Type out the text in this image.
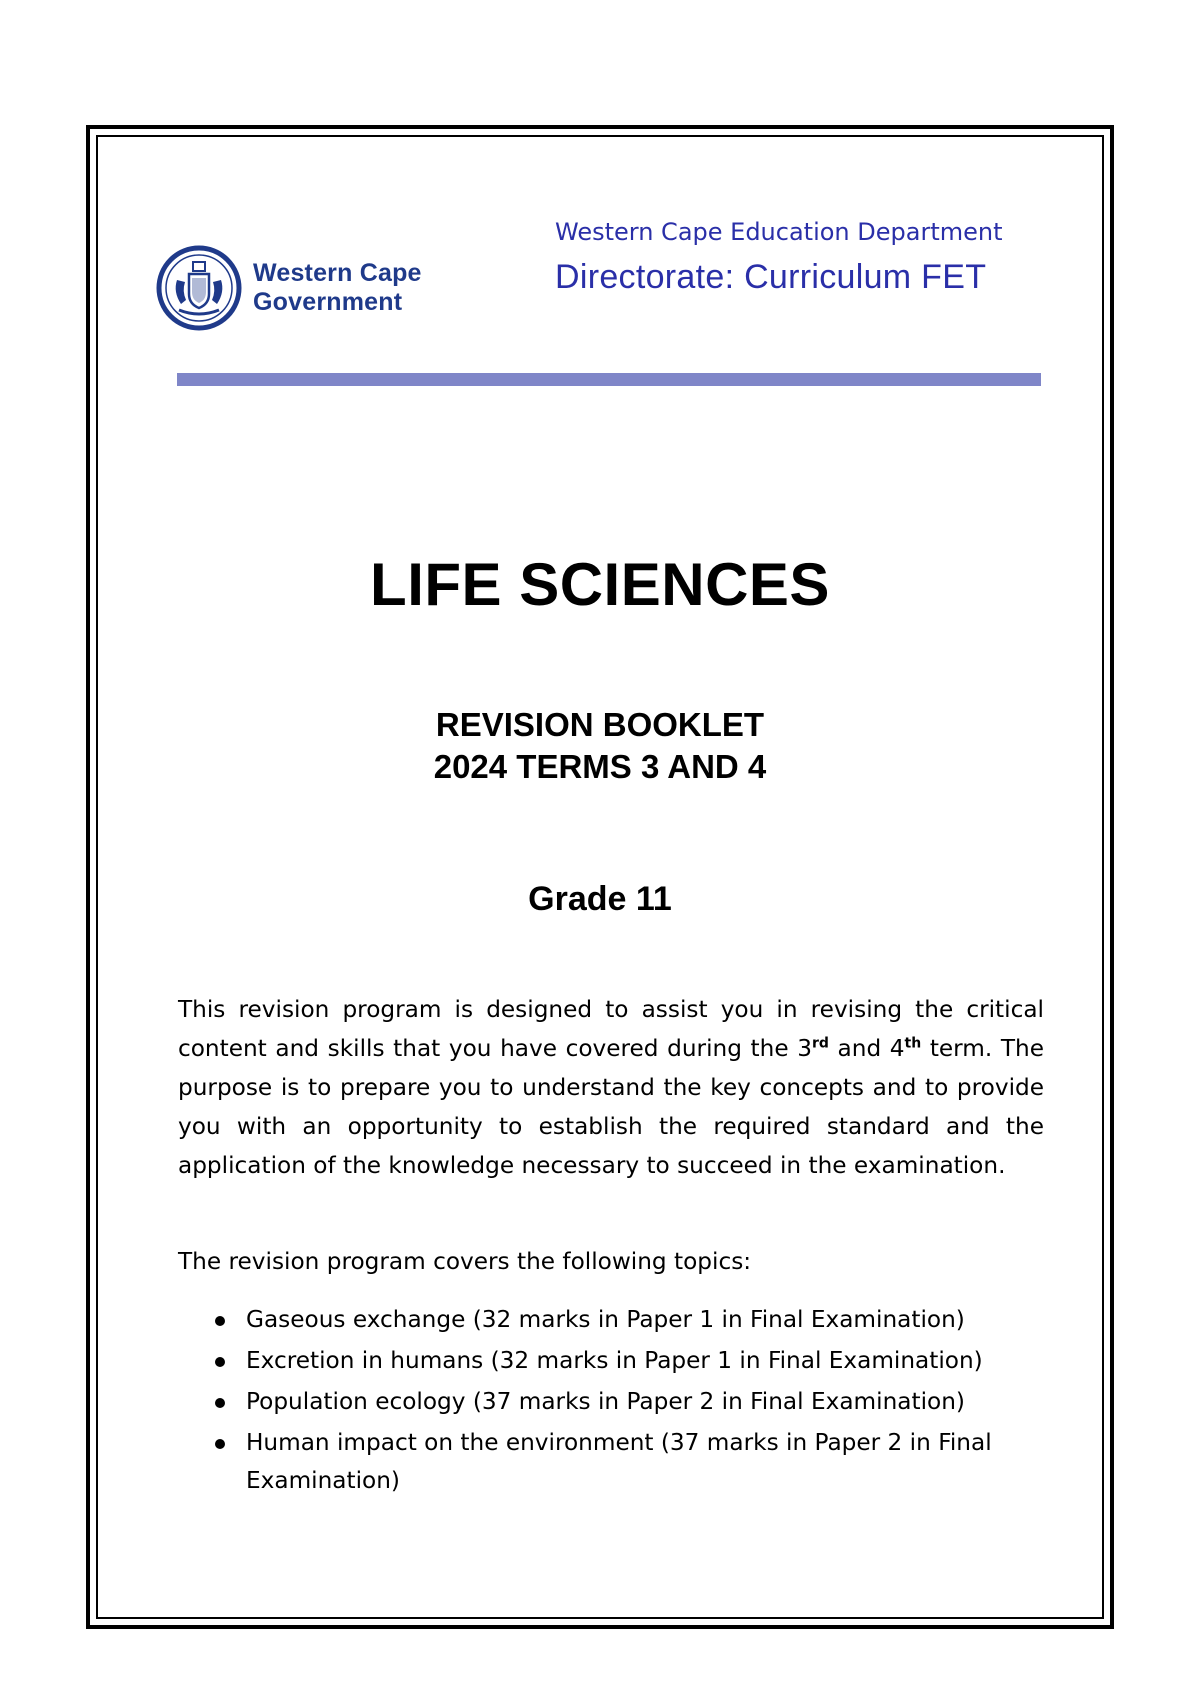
Western Cape
Government
Western Cape Education Department
Directorate: Curriculum FET
LIFE SCIENCES
REVISION BOOKLET
2024 TERMS 3 AND 4
Grade 11

This revision program is designed to assist you in revising the critical content and skills that you have covered during the 3rd and 4th term. The purpose is to prepare you to understand the key concepts and to provide you with an opportunity to establish the required standard and the application of the knowledge necessary to succeed in the examination.

The revision program covers the following topics:
Gaseous exchange (32 marks in Paper 1 in Final Examination)
Excretion in humans (32 marks in Paper 1 in Final Examination)
Population ecology (37 marks in Paper 2 in Final Examination)
Human impact on the environment (37 marks in Paper 2 in Final Examination)
